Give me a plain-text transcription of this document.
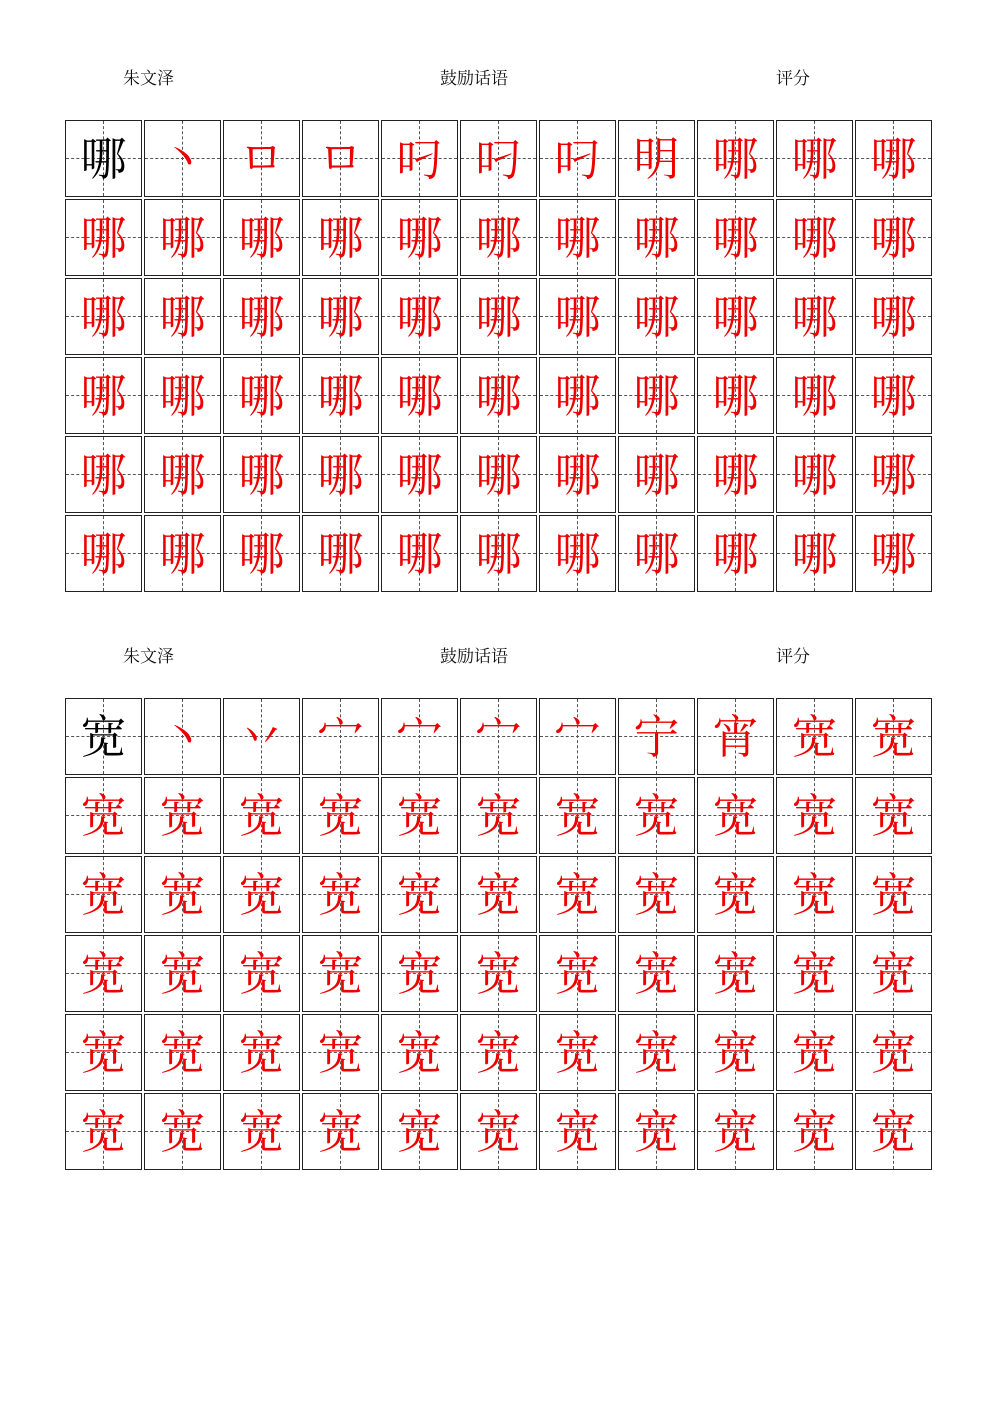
朱文泽	鼓励话语	评分
哪 丶 ㅁ ㅁ 叼 叼 叼 明 哪 哪 哪
哪 哪 哪 哪 哪 哪 哪 哪 哪 哪 哪
哪 哪 哪 哪 哪 哪 哪 哪 哪 哪 哪
哪 哪 哪 哪 哪 哪 哪 哪 哪 哪 哪
哪 哪 哪 哪 哪 哪 哪 哪 哪 哪 哪
哪 哪 哪 哪 哪 哪 哪 哪 哪 哪 哪
朱文泽	鼓励话语	评分
宽 丶 丷 宀 宀 宀 宀 宁 宵 宽 宽
宽 宽 宽 宽 宽 宽 宽 宽 宽 宽 宽
宽 宽 宽 宽 宽 宽 宽 宽 宽 宽 宽
宽 宽 宽 宽 宽 宽 宽 宽 宽 宽 宽
宽 宽 宽 宽 宽 宽 宽 宽 宽 宽 宽
宽 宽 宽 宽 宽 宽 宽 宽 宽 宽 宽
